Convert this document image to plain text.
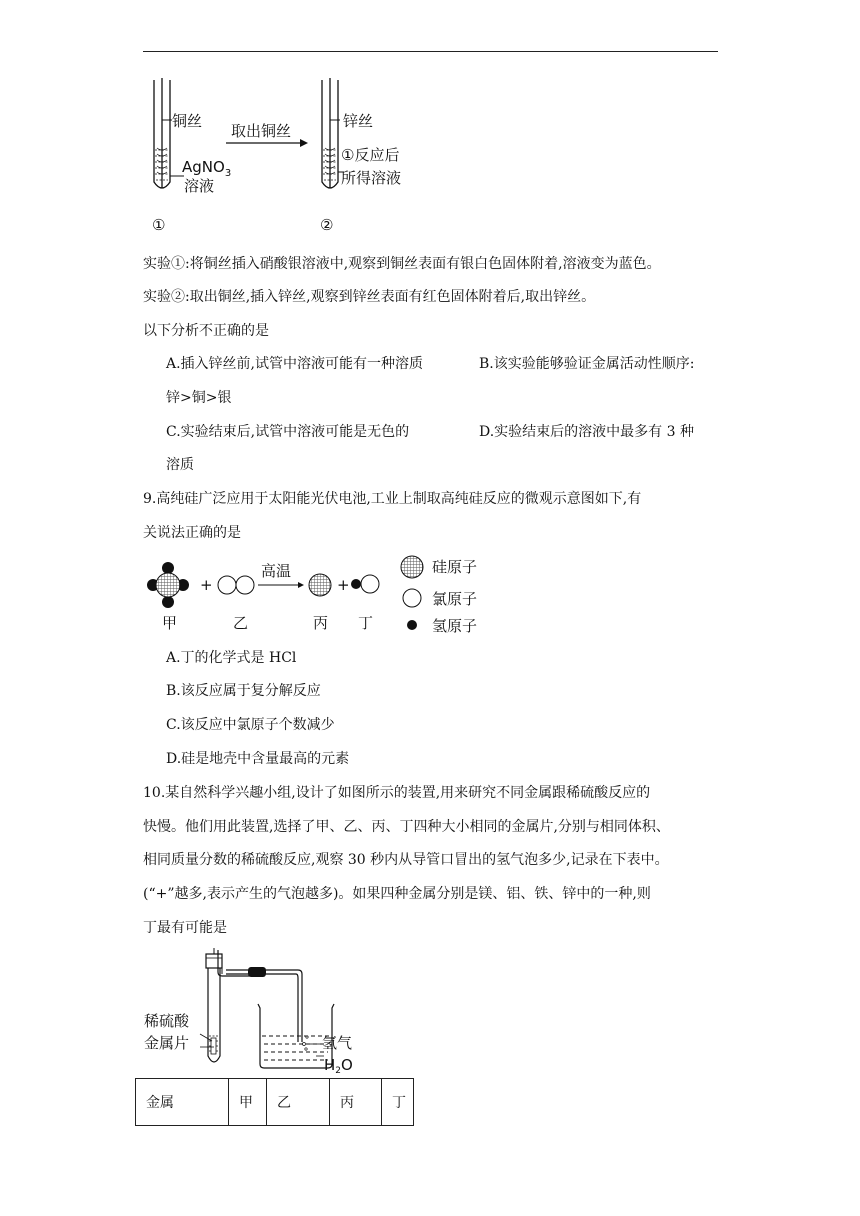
铜丝
AgNO$_3$
溶液
①
取出铜丝
锌丝
①反应后
所得溶液
②
实验①:将铜丝插入硝酸银溶液中,观察到铜丝表面有银白色固体附着,溶液变为蓝色。
实验②:取出铜丝,插入锌丝,观察到锌丝表面有红色固体附着后,取出锌丝。
以下分析不正确的是
A.插入锌丝前,试管中溶液可能有一种溶质	B.该实验能够验证金属活动性顺序:
锌>铜>银
C.实验结束后,试管中溶液可能是无色的	D.实验结束后的溶液中最多有 3 种
溶质
9.高纯硅广泛应用于太阳能光伏电池,工业上制取高纯硅反应的微观示意图如下,有
关说法正确的是
+
高温
+
甲	乙	丙 丁
硅原子
氯原子
氢原子
A.丁的化学式是 HCl
B.该反应属于复分解反应
C.该反应中氯原子个数减少
D.硅是地壳中含量最高的元素
10.某自然科学兴趣小组,设计了如图所示的装置,用来研究不同金属跟稀硫酸反应的
快慢。他们用此装置,选择了甲、乙、丙、丁四种大小相同的金属片,分别与相同体积、
相同质量分数的稀硫酸反应,观察 30 秒内从导管口冒出的氢气泡多少,记录在下表中。
(“+”越多,表示产生的气泡越多)。如果四种金属分别是镁、铝、铁、锌中的一种,则
丁最有可能是
稀硫酸
金属片	氢气
$H_2O$
金属	甲	乙	丙	丁
